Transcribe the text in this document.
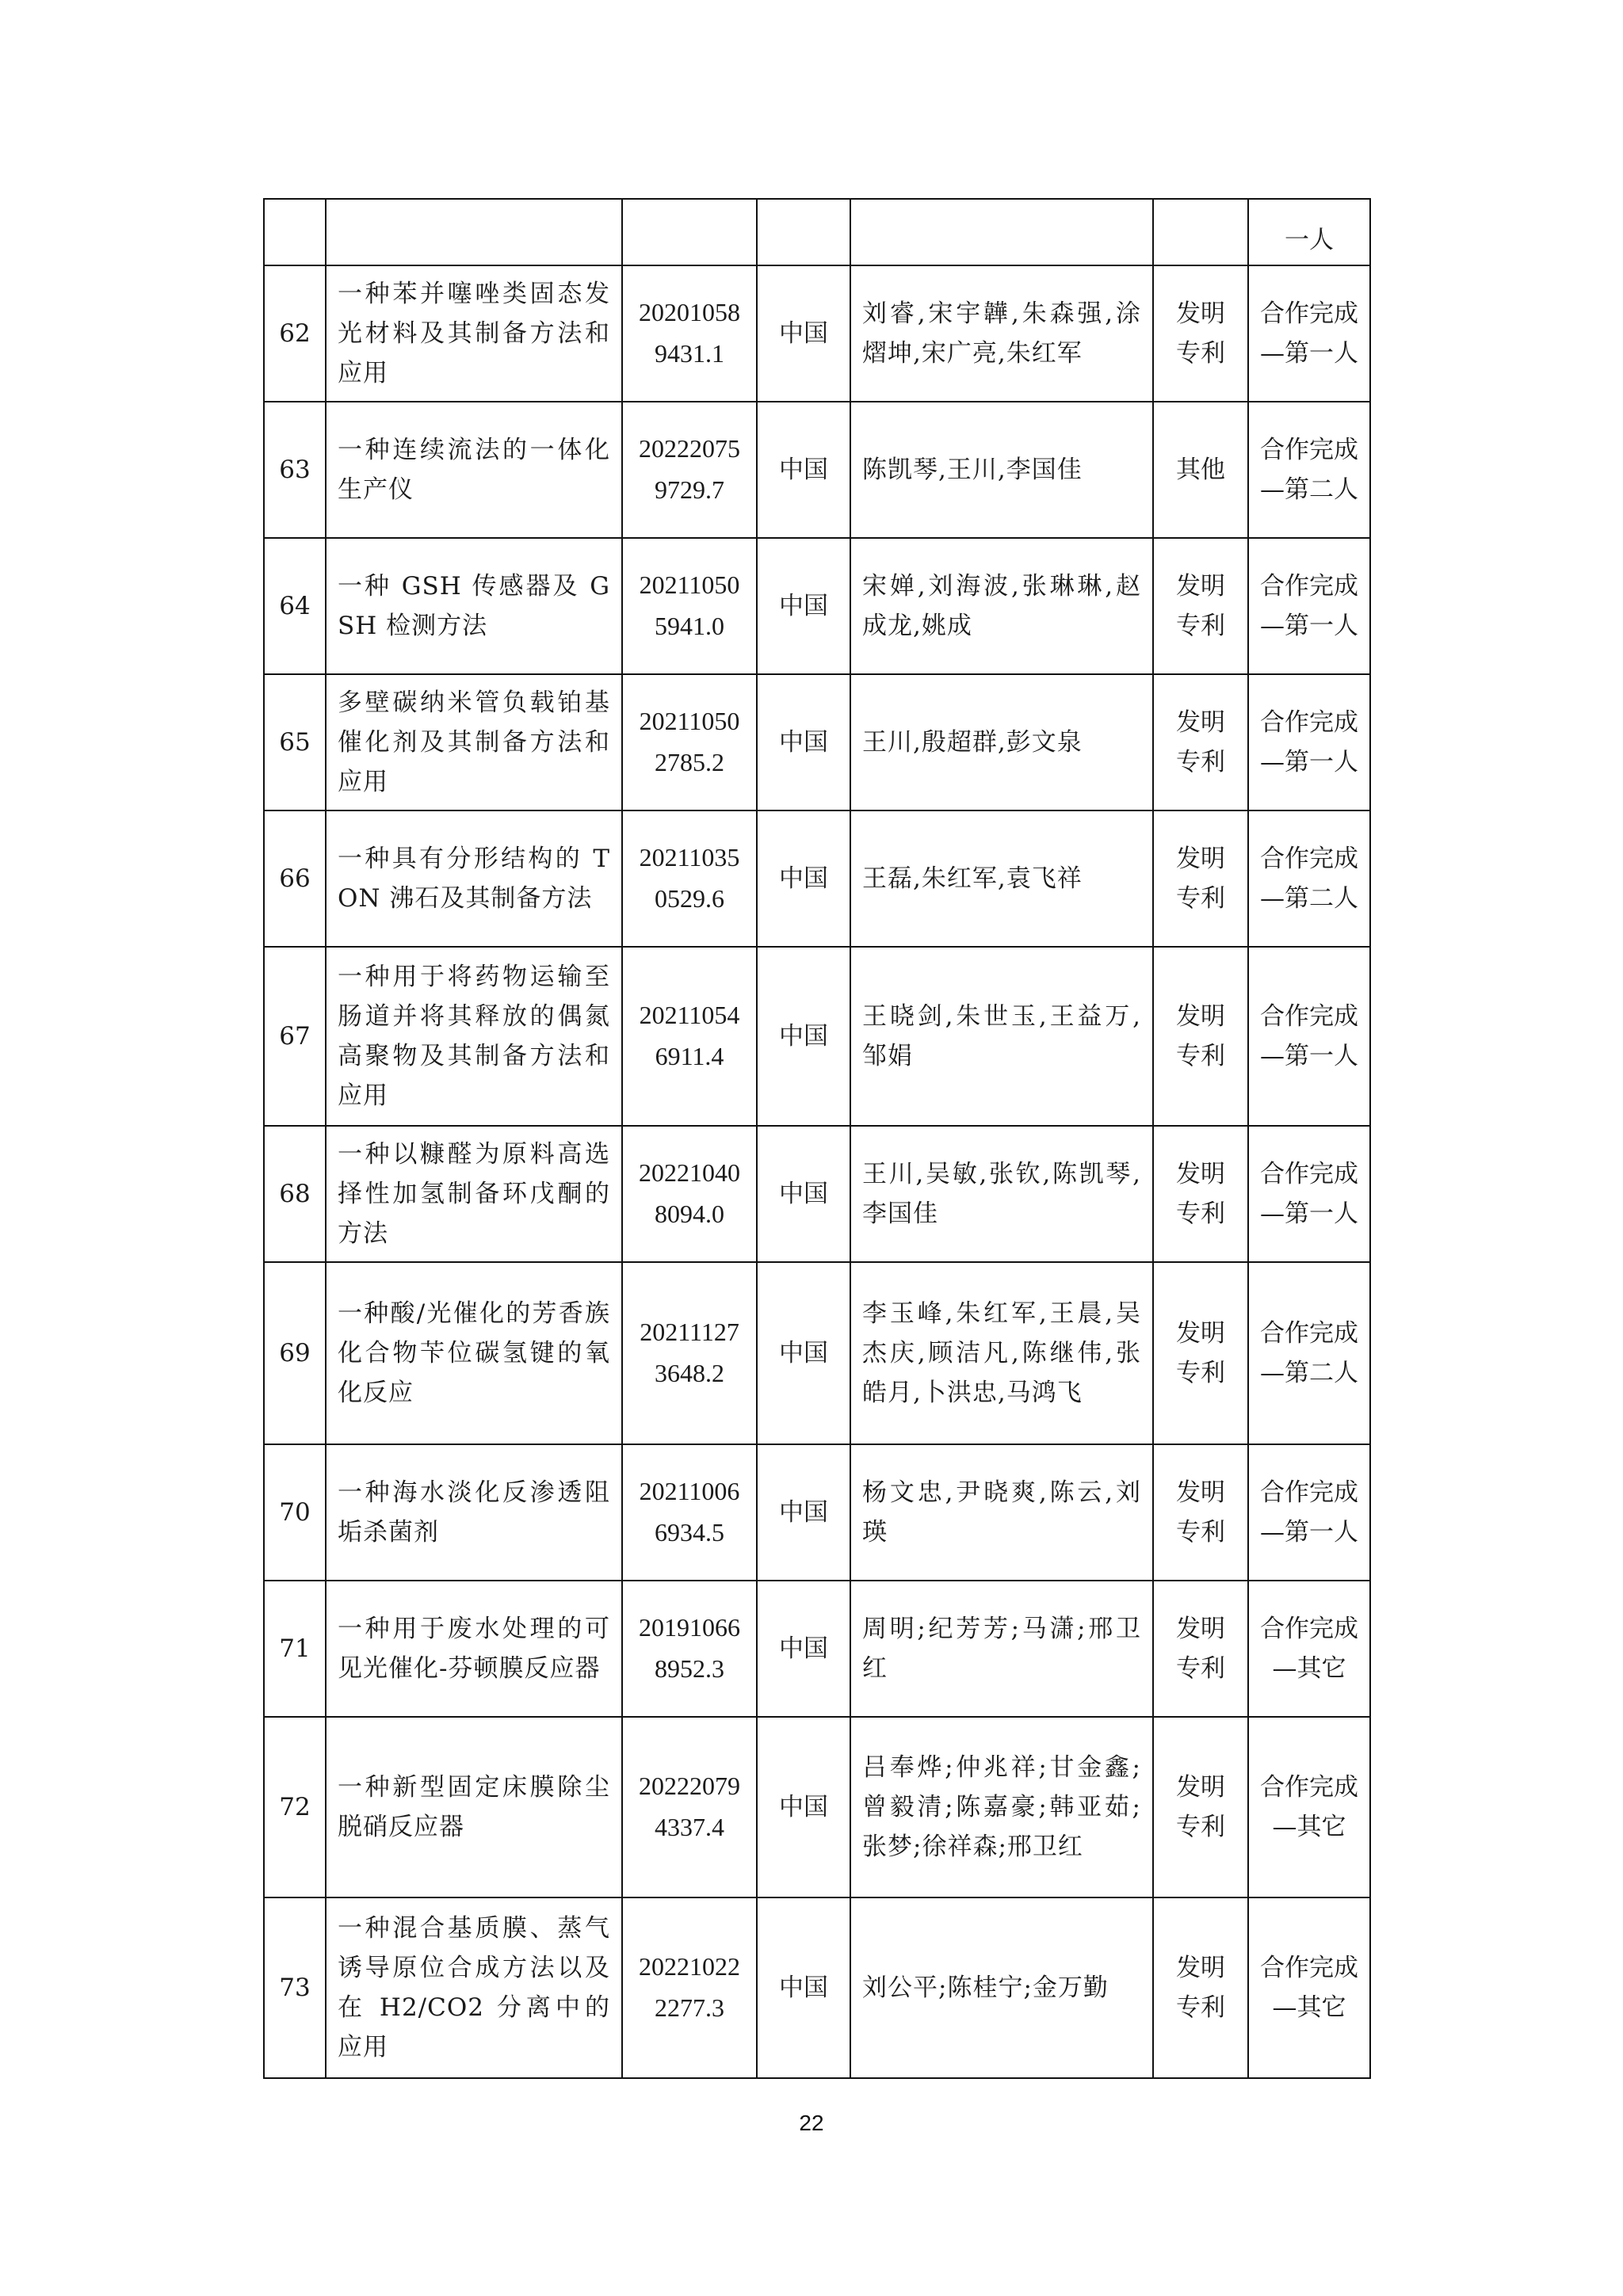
						一人
62	一种苯并噻唑类固态发光材料及其制备方法和应用	202010589431.1	中国	刘睿,宋宇韡,朱森强,涂熠坤,宋广亮,朱红军	发明专利	合作完成—第一人
63	一种连续流法的一体化生产仪	202220759729.7	中国	陈凯琴,王川,李国佳	其他	合作完成—第二人
64	一种 GSH 传感器及 GSH 检测方法	202110505941.0	中国	宋婵,刘海波,张琳琳,赵成龙,姚成	发明专利	合作完成—第一人
65	多壁碳纳米管负载铂基催化剂及其制备方法和应用	202110502785.2	中国	王川,殷超群,彭文泉	发明专利	合作完成—第一人
66	一种具有分形结构的 TON 沸石及其制备方法	202110350529.6	中国	王磊,朱红军,袁飞祥	发明专利	合作完成—第二人
67	一种用于将药物运输至肠道并将其释放的偶氮高聚物及其制备方法和应用	202110546911.4	中国	王晓剑,朱世玉,王益万,邹娟	发明专利	合作完成—第一人
68	一种以糠醛为原料高选择性加氢制备环戊酮的方法	202210408094.0	中国	王川,吴敏,张钦,陈凯琴,李国佳	发明专利	合作完成—第一人
69	一种酸/光催化的芳香族化合物苄位碳氢键的氧化反应	202111273648.2	中国	李玉峰,朱红军,王晨,吴杰庆,顾洁凡,陈继伟,张皓月,卜洪忠,马鸿飞	发明专利	合作完成—第二人
70	一种海水淡化反渗透阻垢杀菌剂	202110066934.5	中国	杨文忠,尹晓爽,陈云,刘瑛	发明专利	合作完成—第一人
71	一种用于废水处理的可见光催化-芬顿膜反应器	201910668952.3	中国	周明;纪芳芳;马潇;邢卫红	发明专利	合作完成—其它
72	一种新型固定床膜除尘脱硝反应器	202220794337.4	中国	吕奉烨;仲兆祥;甘金鑫;曾毅清;陈嘉豪;韩亚茹;张梦;徐祥森;邢卫红	发明专利	合作完成—其它
73	一种混合基质膜、蒸气诱导原位合成方法以及在 H2/CO2 分离中的应用	202210222277.3	中国	刘公平;陈桂宁;金万勤	发明专利	合作完成—其它
22
